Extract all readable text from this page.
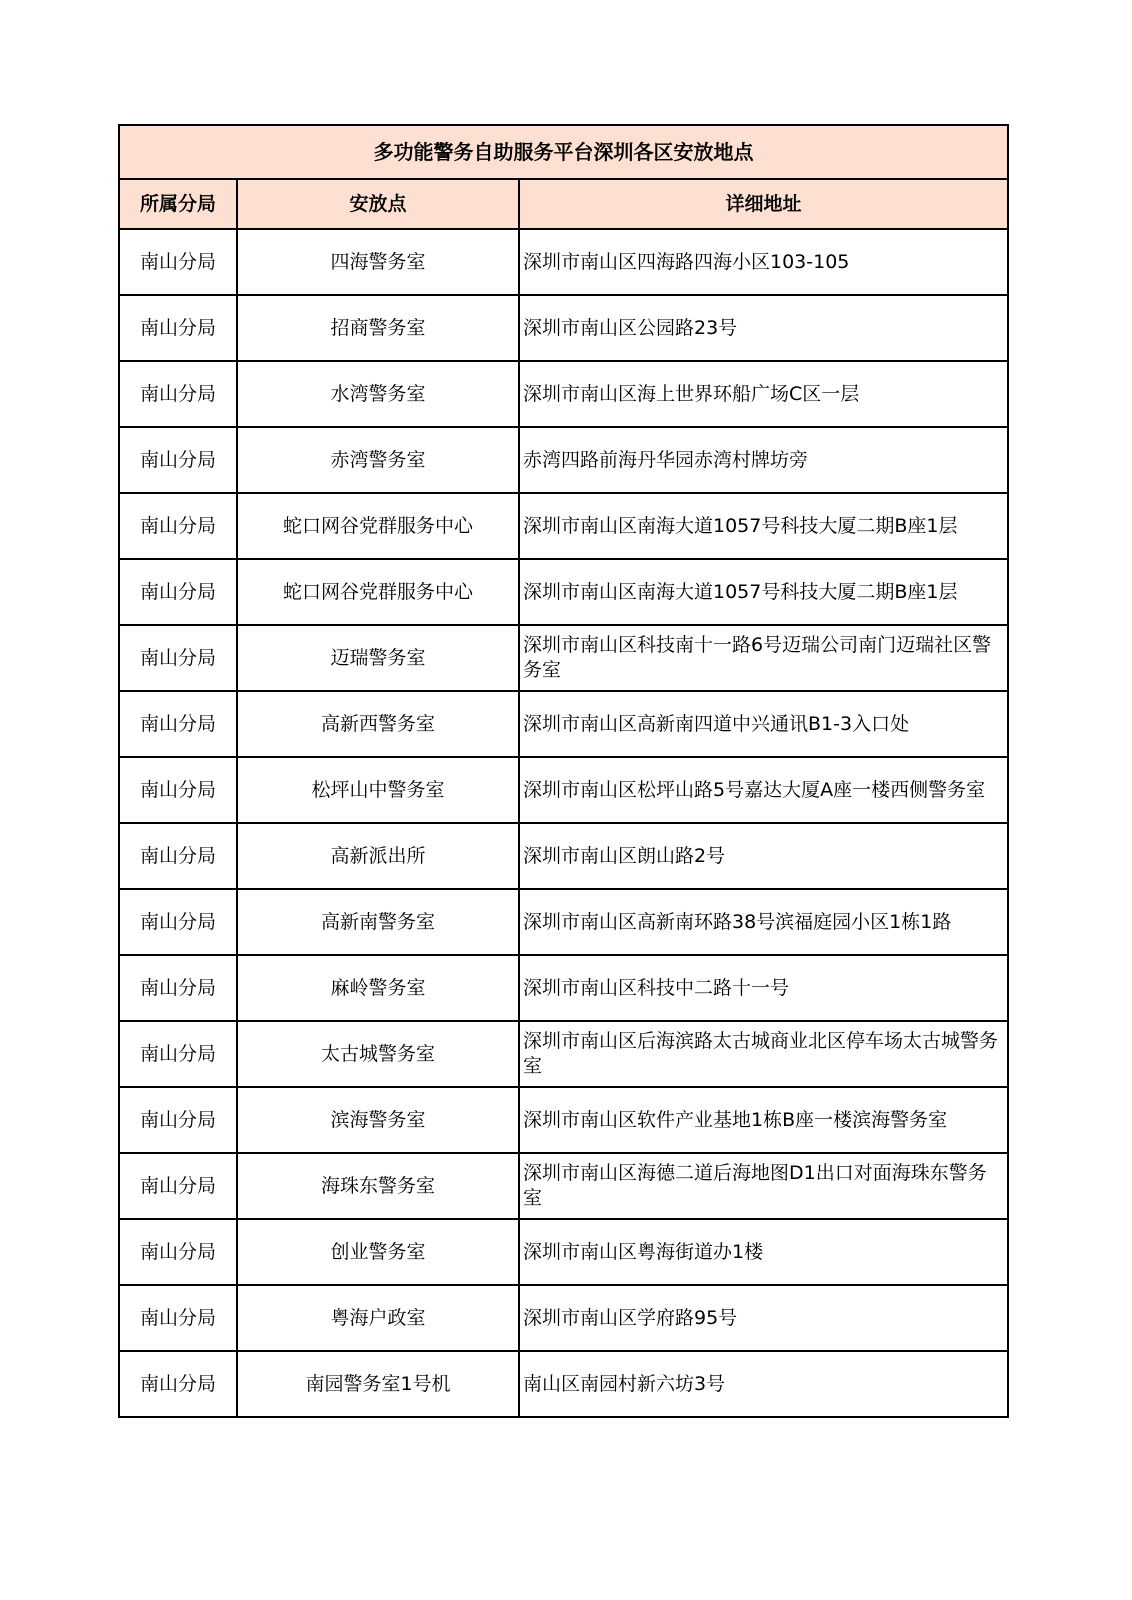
多功能警务自助服务平台深圳各区安放地点		
所属分局	安放点	详细地址
南山分局	四海警务室	深圳市南山区四海路四海小区103-105
南山分局	招商警务室	深圳市南山区公园路23号
南山分局	水湾警务室	深圳市南山区海上世界环船广场C区一层
南山分局	赤湾警务室	赤湾四路前海丹华园赤湾村牌坊旁
南山分局	蛇口网谷党群服务中心	深圳市南山区南海大道1057号科技大厦二期B座1层
南山分局	蛇口网谷党群服务中心	深圳市南山区南海大道1057号科技大厦二期B座1层
南山分局	迈瑞警务室	深圳市南山区科技南十一路6号迈瑞公司南门迈瑞社区警务室
南山分局	高新西警务室	深圳市南山区高新南四道中兴通讯B1-3入口处
南山分局	松坪山中警务室	深圳市南山区松坪山路5号嘉达大厦A座一楼西侧警务室
南山分局	高新派出所	深圳市南山区朗山路2号
南山分局	高新南警务室	深圳市南山区高新南环路38号滨福庭园小区1栋1路
南山分局	麻岭警务室	深圳市南山区科技中二路十一号
南山分局	太古城警务室	深圳市南山区后海滨路太古城商业北区停车场太古城警务室
南山分局	滨海警务室	深圳市南山区软件产业基地1栋B座一楼滨海警务室
南山分局	海珠东警务室	深圳市南山区海德二道后海地图D1出口对面海珠东警务室
南山分局	创业警务室	深圳市南山区粤海街道办1楼
南山分局	粤海户政室	深圳市南山区学府路95号
南山分局	南园警务室1号机	南山区南园村新六坊3号
